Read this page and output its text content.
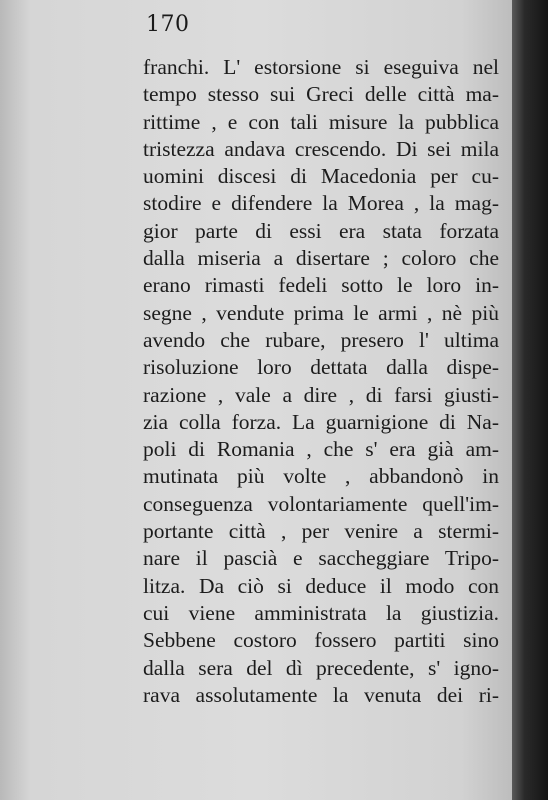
170
franchi. L' estorsione si eseguiva nel
tempo stesso sui Greci delle città ma-
rittime , e con tali misure la pubblica
tristezza andava crescendo. Di sei mila
uomini discesi di Macedonia per cu-
stodire e difendere la Morea , la mag-
gior parte di essi era stata forzata
dalla miseria a disertare ; coloro che
erano rimasti fedeli sotto le loro in-
segne , vendute prima le armi , nè più
avendo che rubare, presero l' ultima
risoluzione loro dettata dalla dispe-
razione , vale a dire , di farsi giusti-
zia colla forza. La guarnigione di Na-
poli di Romania , che s' era già am-
mutinata più volte , abbandonò in
conseguenza volontariamente quell'im-
portante città , per venire a stermi-
nare il pascià e saccheggiare Tripo-
litza. Da ciò si deduce il modo con
cui viene amministrata la giustizia.
Sebbene costoro fossero partiti sino
dalla sera del dì precedente, s' igno-
rava assolutamente la venuta dei ri-
